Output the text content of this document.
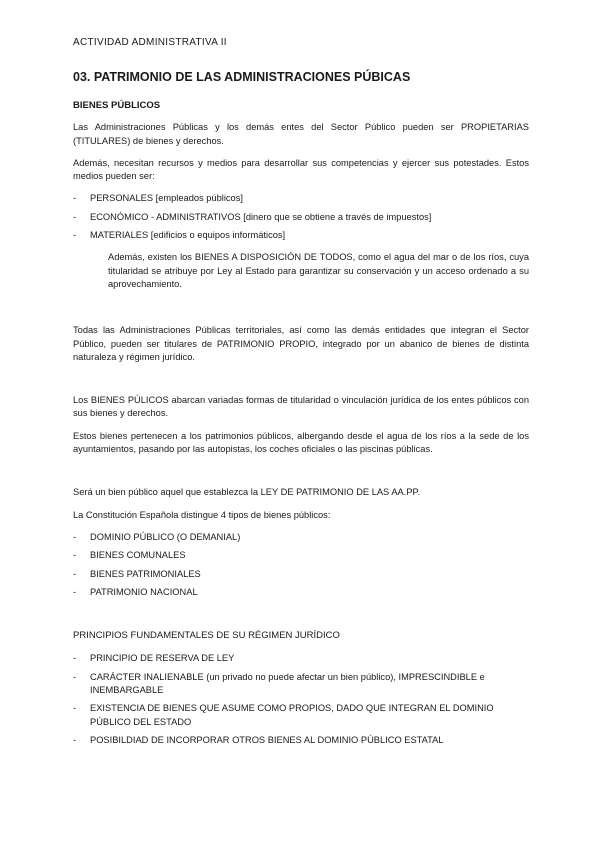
ACTIVIDAD ADMINISTRATIVA II
03. PATRIMONIO DE LAS ADMINISTRACIONES PÚBICAS
BIENES PÚBLICOS

Las Administraciones Públicas y los demás entes del Sector Público pueden ser PROPIETARIAS (TITULARES) de bienes y derechos.

Además, necesitan recursos y medios para desarrollar sus competencias y ejercer sus potestades. Estos medios pueden ser:

- PERSONALES [empleados públicos]
- ECONÓMICO - ADMINISTRATIVOS [dinero que se obtiene a través de impuestos]
- MATERIALES [edificios o equipos informáticos]

Además, existen los BIENES A DISPOSICIÓN DE TODOS, como el agua del mar o de los ríos, cuya titularidad se atribuye por Ley al Estado para garantizar su conservación y un acceso ordenado a su aprovechamiento.

Todas las Administraciones Públicas territoriales, así como las demás entidades que integran el Sector Público, pueden ser titulares de PATRIMONIO PROPIO, integrado por un abanico de bienes de distinta naturaleza y régimen jurídico.

Los BIENES PÚLICOS abarcan variadas formas de titularidad o vinculación jurídica de los entes públicos con sus bienes y derechos.

Estos bienes pertenecen a los patrimonios públicos, albergando desde el agua de los ríos a la sede de los ayuntamientos, pasando por las autopistas, los coches oficiales o las piscinas públicas.

Será un bien público aquel que establezca la LEY DE PATRIMONIO DE LAS AA.PP.

La Constitución Española distingue 4 tipos de bienes públicos:

- DOMINIO PÚBLICO (O DEMANIAL)
- BIENES COMUNALES
- BIENES PATRIMONIALES
- PATRIMONIO NACIONAL
PRINCIPIOS FUNDAMENTALES DE SU RÉGIMEN JURÍDICO
- PRINCIPIO DE RESERVA DE LEY
- CARÁCTER INALIENABLE (un privado no puede afectar un bien público), IMPRESCINDIBLE e INEMBARGABLE
- EXISTENCIA DE BIENES QUE ASUME COMO PROPIOS, DADO QUE INTEGRAN EL DOMINIO PÚBLICO DEL ESTADO
- POSIBILDIAD DE INCORPORAR OTROS BIENES AL DOMINIO PÚBLICO ESTATAL
